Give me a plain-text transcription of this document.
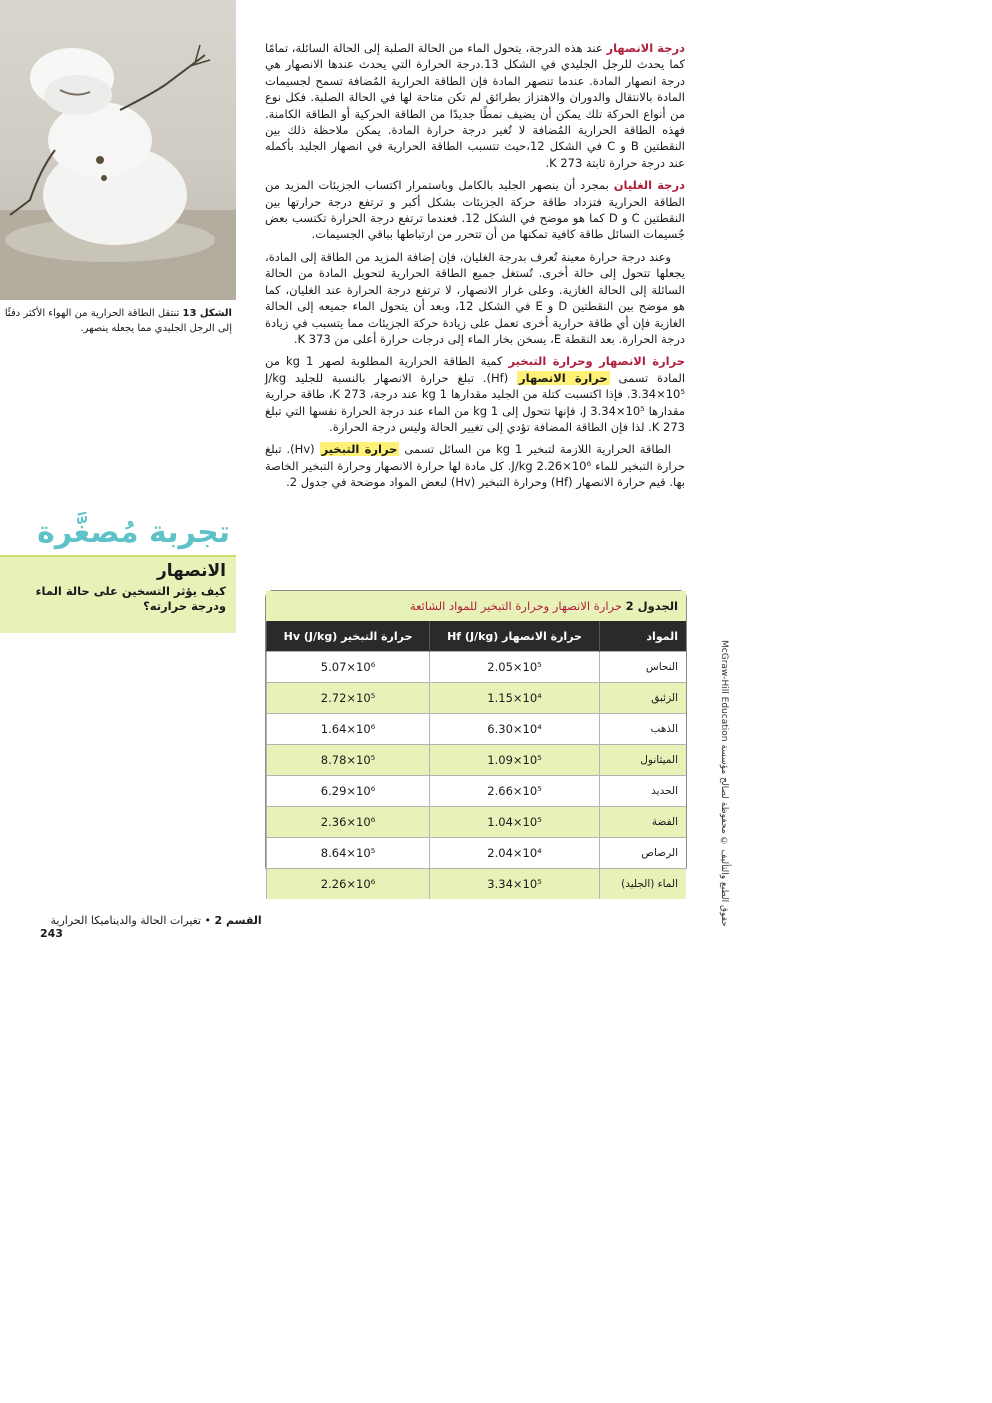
الشكل 13 تنتقل الطاقة الحرارية من الهواء الأكثر دفئًا إلى الرجل الجليدي مما يجعله ينصهر.

درجة الانصهار عند هذه الدرجة، يتحول الماء من الحالة الصلبة إلى الحالة السائلة، تمامًا كما يحدث للرجل الجليدي في الشكل 13.درجة الحرارة التي يحدث عندها الانصهار هي درجة انصهار المادة. عندما تنصهر المادة فإن الطاقة الحرارية المُضافة تسمح لجسيمات المادة بالانتقال والدوران والاهتزاز بطرائق لم تكن متاحة لها في الحالة الصلبة. فكل نوع من أنواع الحركة تلك يمكن أن يضيف نمطًا جديدًا من الطاقة الحركية أو الطاقة الكامنة. فهذه الطاقة الحرارية المُضافة لا تُغير درجة حرارة المادة. يمكن ملاحظة ذلك بين النقطتين B و C في الشكل 12،حيث تتسبب الطاقة الحرارية في انصهار الجليد بأكمله عند درجة حرارة ثابتة K 273.

درجة الغليان بمجرد أن ينصهر الجليد بالكامل وباستمرار اكتساب الجزيئات المزيد من الطاقة الحرارية فتزداد طاقة حركة الجزيئات بشكل أكبر و ترتفع درجة حرارتها بين النقطتين C و D كما هو موضح في الشكل 12. فعندما ترتفع درجة الحرارة تكتسب بعض جُسيمات السائل طاقة كافية تمكنها من أن تتحرر من ارتباطها بباقي الجسيمات.

وعند درجة حرارة معينة تُعرف بدرجة الغليان، فإن إضافة المزيد من الطاقة إلى المادة، يجعلها تتحول إلى حالة أخرى. تُستغل جميع الطاقة الحرارية لتحويل المادة من الحالة السائلة إلى الحالة الغازية. وعلى غرار الانصهار، لا ترتفع درجة الحرارة عند الغليان، كما هو موضح بين النقطتين D و E في الشكل 12، وبعد أن يتحول الماء جميعه إلى الحالة الغازية فإن أي طاقة حرارية أخرى تعمل على زيادة حركة الجزيئات مما يتسبب في زيادة درجة الحرارة. بعد النقطة E، يسخن بخار الماء إلى درجات حرارة أعلى من K 373.

حرارة الانصهار وحرارة التبخير كمية الطاقة الحرارية المطلوبة لصهر kg 1 من المادة تسمى حرارة الانصهار (Hf). تبلغ حرارة الانصهار بالنسبة للجليد J/kg 3.34×10⁵. فإذا اكتسبت كتلة من الجليد مقدارها kg 1 عند درجة، K 273، طاقة حرارية مقدارها J 3.34×10⁵، فإنها تتحول إلى kg 1 من الماء عند درجة الحرارة نفسها التي تبلغ K 273. لذا فإن الطاقة المضافة تؤدي إلى تغيير الحالة وليس درجة الحرارة.

الطاقة الحرارية اللازمة لتبخير kg 1 من السائل تسمى حرارة التبخير (Hv). تبلغ حرارة التبخير للماء J/kg 2.26×10⁶. كل مادة لها حرارة الانصهار وحرارة التبخير الخاصة بها. قيم حرارة الانصهار (Hf) وحرارة التبخير (Hv) لبعض المواد موضحة في جدول 2.

تجربة مُصغَّرة
الانصهار
كيف يؤثر التسخين على حالة الماء ودرجة حرارته؟	الجدول 2 حرارة الانصهار وحرارة التبخير للمواد الشائعة
المواد	حرارة الانصهار (J/kg) Hf	حرارة التبخير (J/kg) Hv
النحاس	2.05×10⁵	5.07×10⁶
الزئبق	1.15×10⁴	2.72×10⁵
الذهب	6.30×10⁴	1.64×10⁶
الميثانول	1.09×10⁵	8.78×10⁵
الحديد	2.66×10⁵	6.29×10⁶
الفضة	1.04×10⁵	2.36×10⁶
الرصاص	2.04×10⁴	8.64×10⁵
الماء (الجليد)	3.34×10⁵	2.26×10⁶
McGraw-Hill Education حقوق الطبع والتأليف © محفوظة لصالح مؤسسة
القسم 2 • تغيرات الحالة والديناميكا الحرارية    243
